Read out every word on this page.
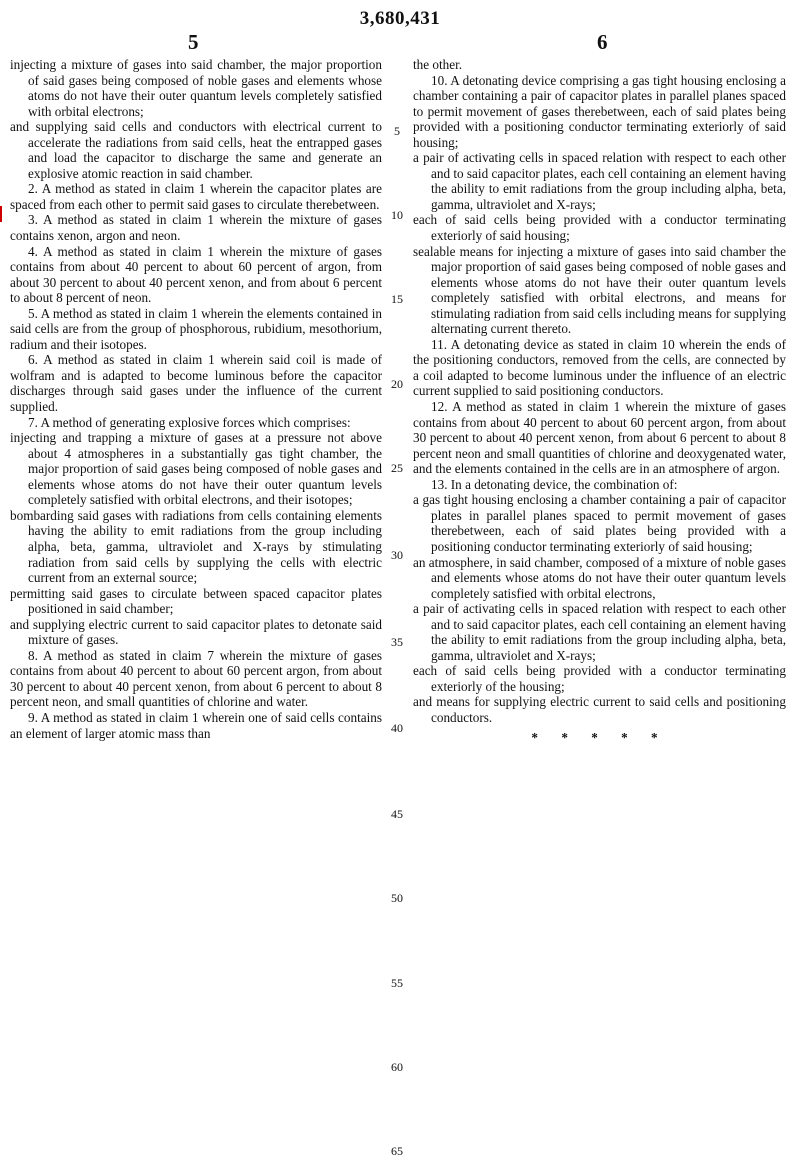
3,680,431
5	6

injecting a mixture of gases into said chamber, the major proportion of said gases being composed of noble gases and elements whose atoms do not have their outer quantum levels completely satisfied with orbital electrons;

and supplying said cells and conductors with electrical current to accelerate the radiations from said cells, heat the entrapped gases and load the capacitor to discharge the same and generate an explosive atomic reaction in said chamber.

2. A method as stated in claim 1 wherein the capacitor plates are spaced from each other to permit said gases to circulate therebetween.

3. A method as stated in claim 1 wherein the mixture of gases contains xenon, argon and neon.

4. A method as stated in claim 1 wherein the mixture of gases contains from about 40 percent to about 60 percent of argon, from about 30 percent to about 40 percent xenon, and from about 6 percent to about 8 percent of neon.

5. A method as stated in claim 1 wherein the elements contained in said cells are from the group of phosphorous, rubidium, mesothorium, radium and their isotopes.

6. A method as stated in claim 1 wherein said coil is made of wolfram and is adapted to become luminous before the capacitor discharges through said gases under the influence of the current supplied.

7. A method of generating explosive forces which comprises:

injecting and trapping a mixture of gases at a pressure not above about 4 atmospheres in a substantially gas tight chamber, the major proportion of said gases being composed of noble gases and elements whose atoms do not have their outer quantum levels completely satisfied with orbital electrons, and their isotopes;

bombarding said gases with radiations from cells containing elements having the ability to emit radiations from the group including alpha, beta, gamma, ultraviolet and X-rays by stimulating radiation from said cells by supplying the cells with electric current from an external source;

permitting said gases to circulate between spaced capacitor plates positioned in said chamber;

and supplying electric current to said capacitor plates to detonate said mixture of gases.

8. A method as stated in claim 7 wherein the mixture of gases contains from about 40 percent to about 60 percent argon, from about 30 percent to about 40 percent xenon, from about 6 percent to about 8 percent neon, and small quantities of chlorine and water.

9. A method as stated in claim 1 wherein one of said cells contains an element of larger atomic mass than

the other.

10. A detonating device comprising a gas tight housing enclosing a chamber containing a pair of capacitor plates in parallel planes spaced to permit movement of gases therebetween, each of said plates being provided with a positioning conductor terminating exteriorly of said housing;

a pair of activating cells in spaced relation with respect to each other and to said capacitor plates, each cell containing an element having the ability to emit radiations from the group including alpha, beta, gamma, ultraviolet and X-rays;

each of said cells being provided with a conductor terminating exteriorly of said housing;

sealable means for injecting a mixture of gases into said chamber the major proportion of said gases being composed of noble gases and elements whose atoms do not have their outer quantum levels completely satisfied with orbital electrons, and means for stimulating radiation from said cells including means for supplying alternating current thereto.

11. A detonating device as stated in claim 10 wherein the ends of the positioning conductors, removed from the cells, are connected by a coil adapted to become luminous under the influence of an electric current supplied to said positioning conductors.

12. A method as stated in claim 1 wherein the mixture of gases contains from about 40 percent to about 60 percent argon, from about 30 percent to about 40 percent xenon, from about 6 percent to about 8 percent neon and small quantities of chlorine and deoxygenated water, and the elements contained in the cells are in an atmosphere of argon.

13. In a detonating device, the combination of:

a gas tight housing enclosing a chamber containing a pair of capacitor plates in parallel planes spaced to permit movement of gases therebetween, each of said plates being provided with a positioning conductor terminating exteriorly of said housing;

an atmosphere, in said chamber, composed of a mixture of noble gases and elements whose atoms do not have their outer quantum levels completely satisfied with orbital electrons,

a pair of activating cells in spaced relation with respect to each other and to said capacitor plates, each cell containing an element having the ability to emit radiations from the group including alpha, beta, gamma, ultraviolet and X-rays;

each of said cells being provided with a conductor terminating exteriorly of the housing;

and means for supplying electric current to said cells and positioning conductors.

* * * * *

5
10
15
20
25
30
35
40
45
50
55
60
65
